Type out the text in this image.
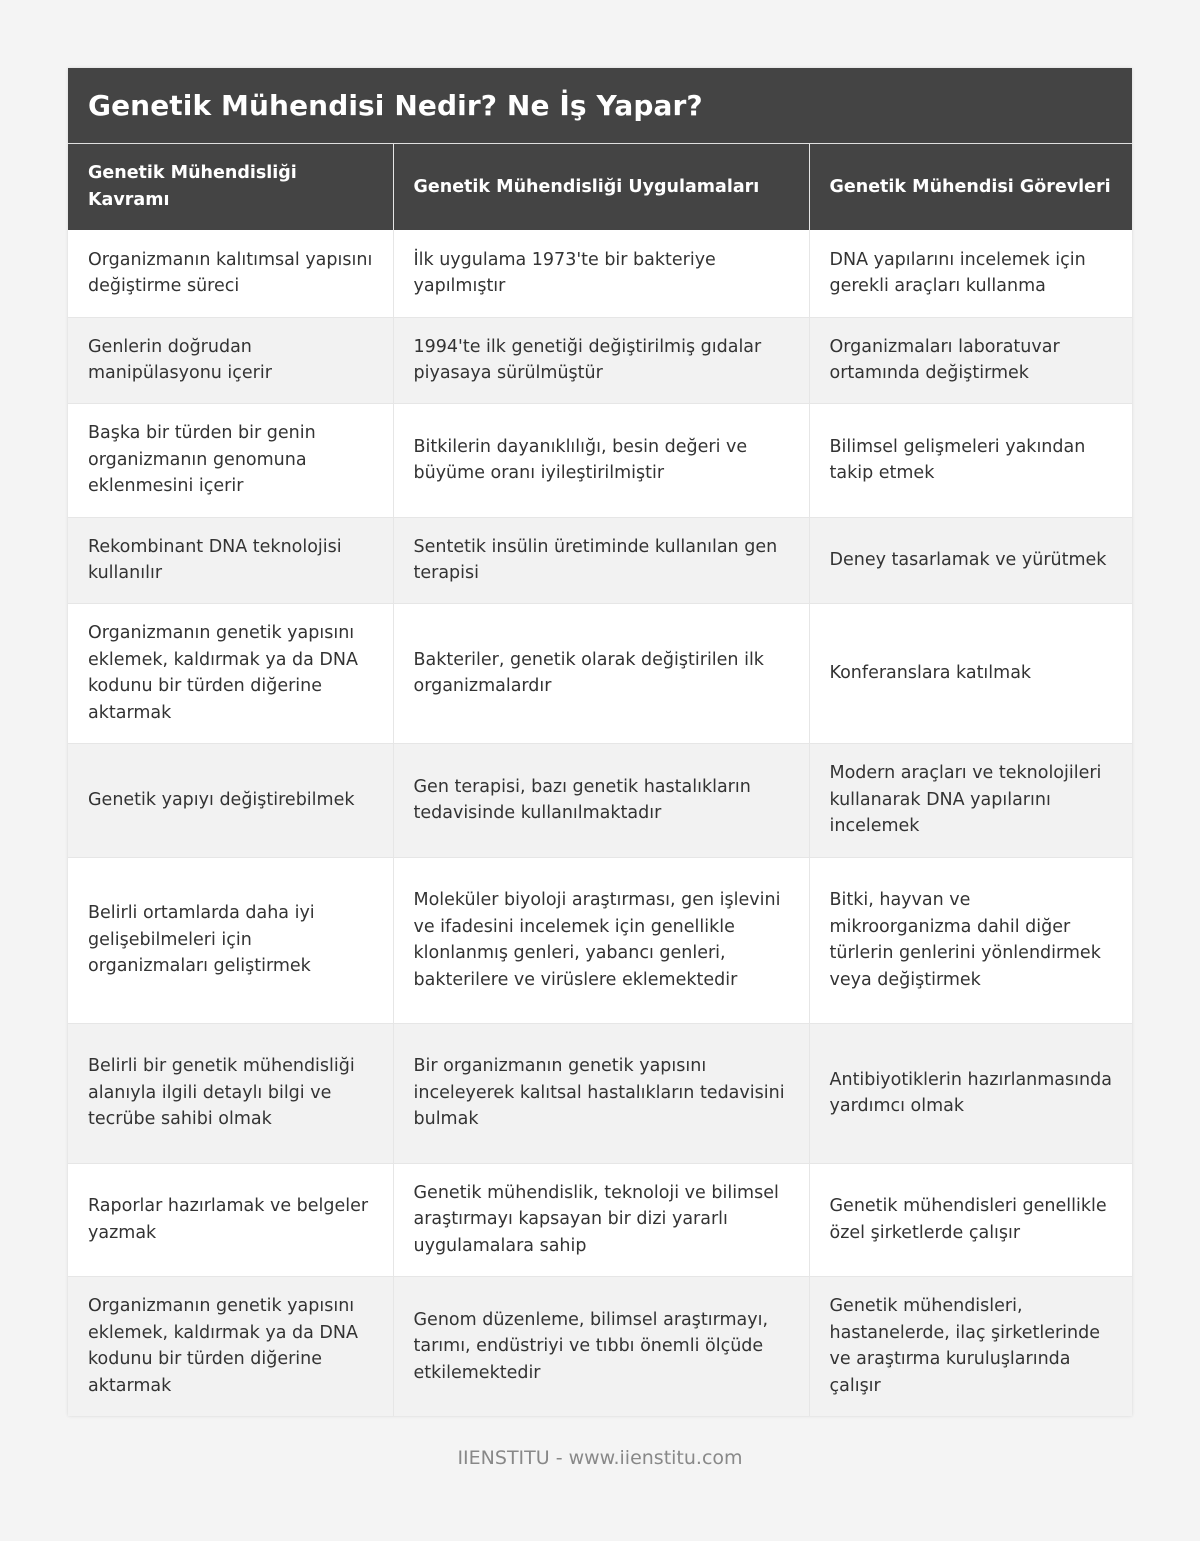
Genetik Mühendisi Nedir? Ne İş Yapar?
Genetik Mühendisliği Kavramı	Genetik Mühendisliği Uygulamaları	Genetik Mühendisi Görevleri
Organizmanın kalıtımsal yapısını değiştirme süreci	İlk uygulama 1973'te bir bakteriye yapılmıştır	DNA yapılarını incelemek için gerekli araçları kullanma
Genlerin doğrudan manipülasyonu içerir	1994'te ilk genetiği değiştirilmiş gıdalar piyasaya sürülmüştür	Organizmaları laboratuvar ortamında değiştirmek
Başka bir türden bir genin organizmanın genomuna eklenmesini içerir	Bitkilerin dayanıklılığı, besin değeri ve büyüme oranı iyileştirilmiştir	Bilimsel gelişmeleri yakından takip etmek
Rekombinant DNA teknolojisi kullanılır	Sentetik insülin üretiminde kullanılan gen terapisi	Deney tasarlamak ve yürütmek
Organizmanın genetik yapısını eklemek, kaldırmak ya da DNA kodunu bir türden diğerine aktarmak	Bakteriler, genetik olarak değiştirilen ilk organizmalardır	Konferanslara katılmak
Genetik yapıyı değiştirebilmek	Gen terapisi, bazı genetik hastalıkların tedavisinde kullanılmaktadır	Modern araçları ve teknolojileri kullanarak DNA yapılarını incelemek
Belirli ortamlarda daha iyi gelişebilmeleri için organizmaları geliştirmek	Moleküler biyoloji araştırması, gen işlevini ve ifadesini incelemek için genellikle klonlanmış genleri, yabancı genleri, bakterilere ve virüslere eklemektedir	Bitki, hayvan ve mikroorganizma dahil diğer türlerin genlerini yönlendirmek veya değiştirmek
Belirli bir genetik mühendisliği alanıyla ilgili detaylı bilgi ve tecrübe sahibi olmak	Bir organizmanın genetik yapısını inceleyerek kalıtsal hastalıkların tedavisini bulmak	Antibiyotiklerin hazırlanmasında yardımcı olmak
Raporlar hazırlamak ve belgeler yazmak	Genetik mühendislik, teknoloji ve bilimsel araştırmayı kapsayan bir dizi yararlı uygulamalara sahip	Genetik mühendisleri genellikle özel şirketlerde çalışır
Organizmanın genetik yapısını eklemek, kaldırmak ya da DNA kodunu bir türden diğerine aktarmak	Genom düzenleme, bilimsel araştırmayı, tarımı, endüstriyi ve tıbbı önemli ölçüde etkilemektedir	Genetik mühendisleri, hastanelerde, ilaç şirketlerinde ve araştırma kuruluşlarında çalışır
IIENSTITU - www.iienstitu.com
